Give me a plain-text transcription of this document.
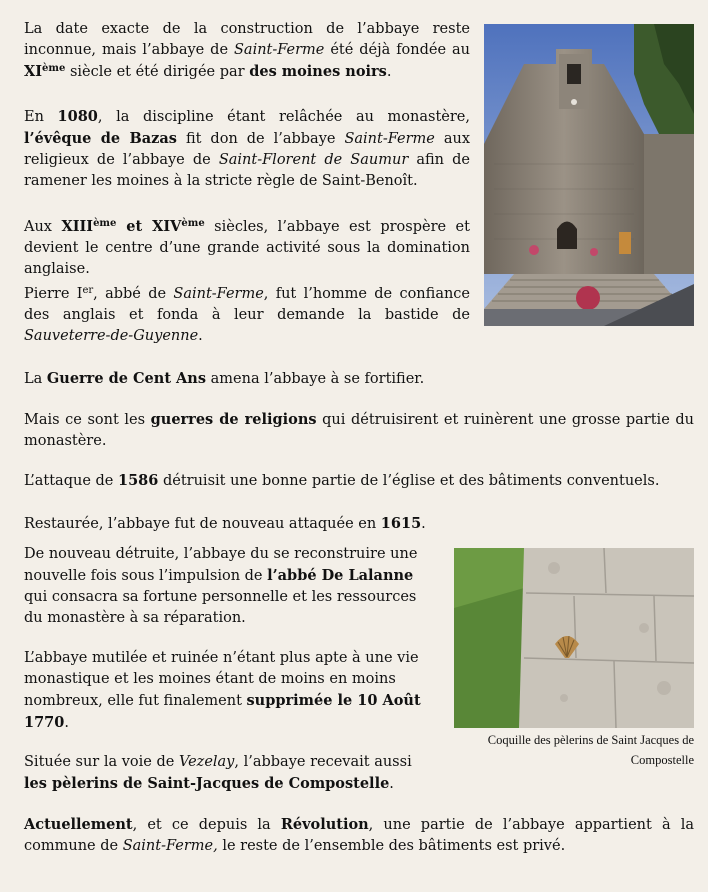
La date exacte de la construction de l’abbaye reste inconnue, mais l’abbaye de Saint-Ferme été déjà fondée au XIème siècle et été dirigée par des moines noirs.

En 1080, la discipline étant relâchée au monastère, l’évêque de Bazas fit don de l’abbaye Saint-Ferme aux religieux de l’abbaye de Saint-Florent de Saumur afin de ramener les moines à la stricte règle de Saint-Benoît.

Aux XIIIème et XIVème siècles, l’abbaye est prospère et devient le centre d’une grande activité sous la domination anglaise.

Pierre Ier, abbé de Saint-Ferme, fut l’homme de confiance des anglais et fonda à leur demande la bastide de Sauveterre-de-Guyenne.

La Guerre de Cent Ans amena l’abbaye à se fortifier.

Mais ce sont les guerres de religions qui détruisirent et ruinèrent une grosse partie du monastère.

L’attaque de 1586 détruisit une bonne partie de l’église et des bâtiments conventuels.

Restaurée, l’abbaye fut de nouveau attaquée en 1615.

De nouveau détruite, l’abbaye du se reconstruire une nouvelle fois sous l’impulsion de l’abbé De Lalanne qui consacra sa fortune personnelle et les ressources du monastère à sa réparation.

L’abbaye mutilée et ruinée n’étant plus apte à une vie monastique et les moines étant de moins en moins nombreux, elle fut finalement supprimée le 10 Août 1770.

Située sur la voie de Vezelay, l’abbaye recevait aussi les pèlerins de Saint-Jacques de Compostelle.

Actuellement, et ce depuis la Révolution, une partie de l’abbaye appartient à la commune de Saint-Ferme, le reste de l’ensemble des bâtiments est privé.

Coquille des pèlerins de Saint Jacques de Compostelle
